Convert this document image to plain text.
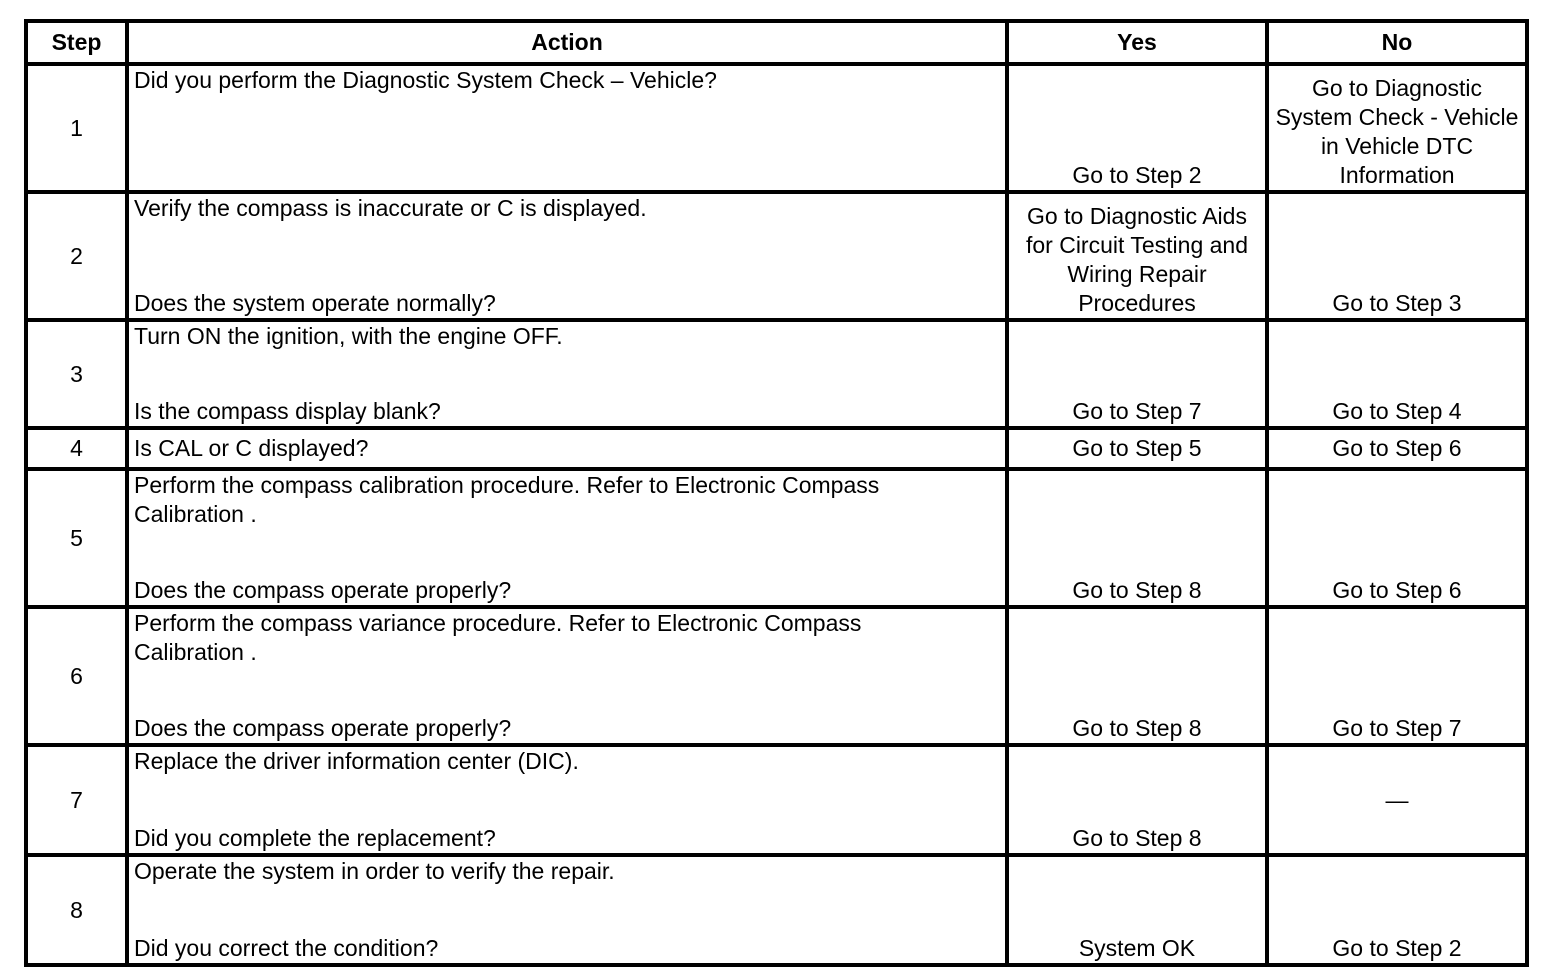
Step	Action	Yes	No
1	Did you perform the Diagnostic System Check – Vehicle?	Go to Step 2	Go to Diagnostic System Check - Vehicle in Vehicle DTC Information
2	Verify the compass is inaccurate or C is displayed.
Does the system operate normally?	Go to Diagnostic Aids for Circuit Testing and Wiring Repair Procedures	Go to Step 3
3	Turn ON the ignition, with the engine OFF.
Is the compass display blank?	Go to Step 7	Go to Step 4
4	Is CAL or C displayed?	Go to Step 5	Go to Step 6
5	Perform the compass calibration procedure. Refer to Electronic Compass
Calibration .
Does the compass operate properly?	Go to Step 8	Go to Step 6
6	Perform the compass variance procedure. Refer to Electronic Compass
Calibration .
Does the compass operate properly?	Go to Step 8	Go to Step 7
7	Replace the driver information center (DIC).
Did you complete the replacement?	Go to Step 8	—
8	Operate the system in order to verify the repair.
Did you correct the condition?	System OK	Go to Step 2
